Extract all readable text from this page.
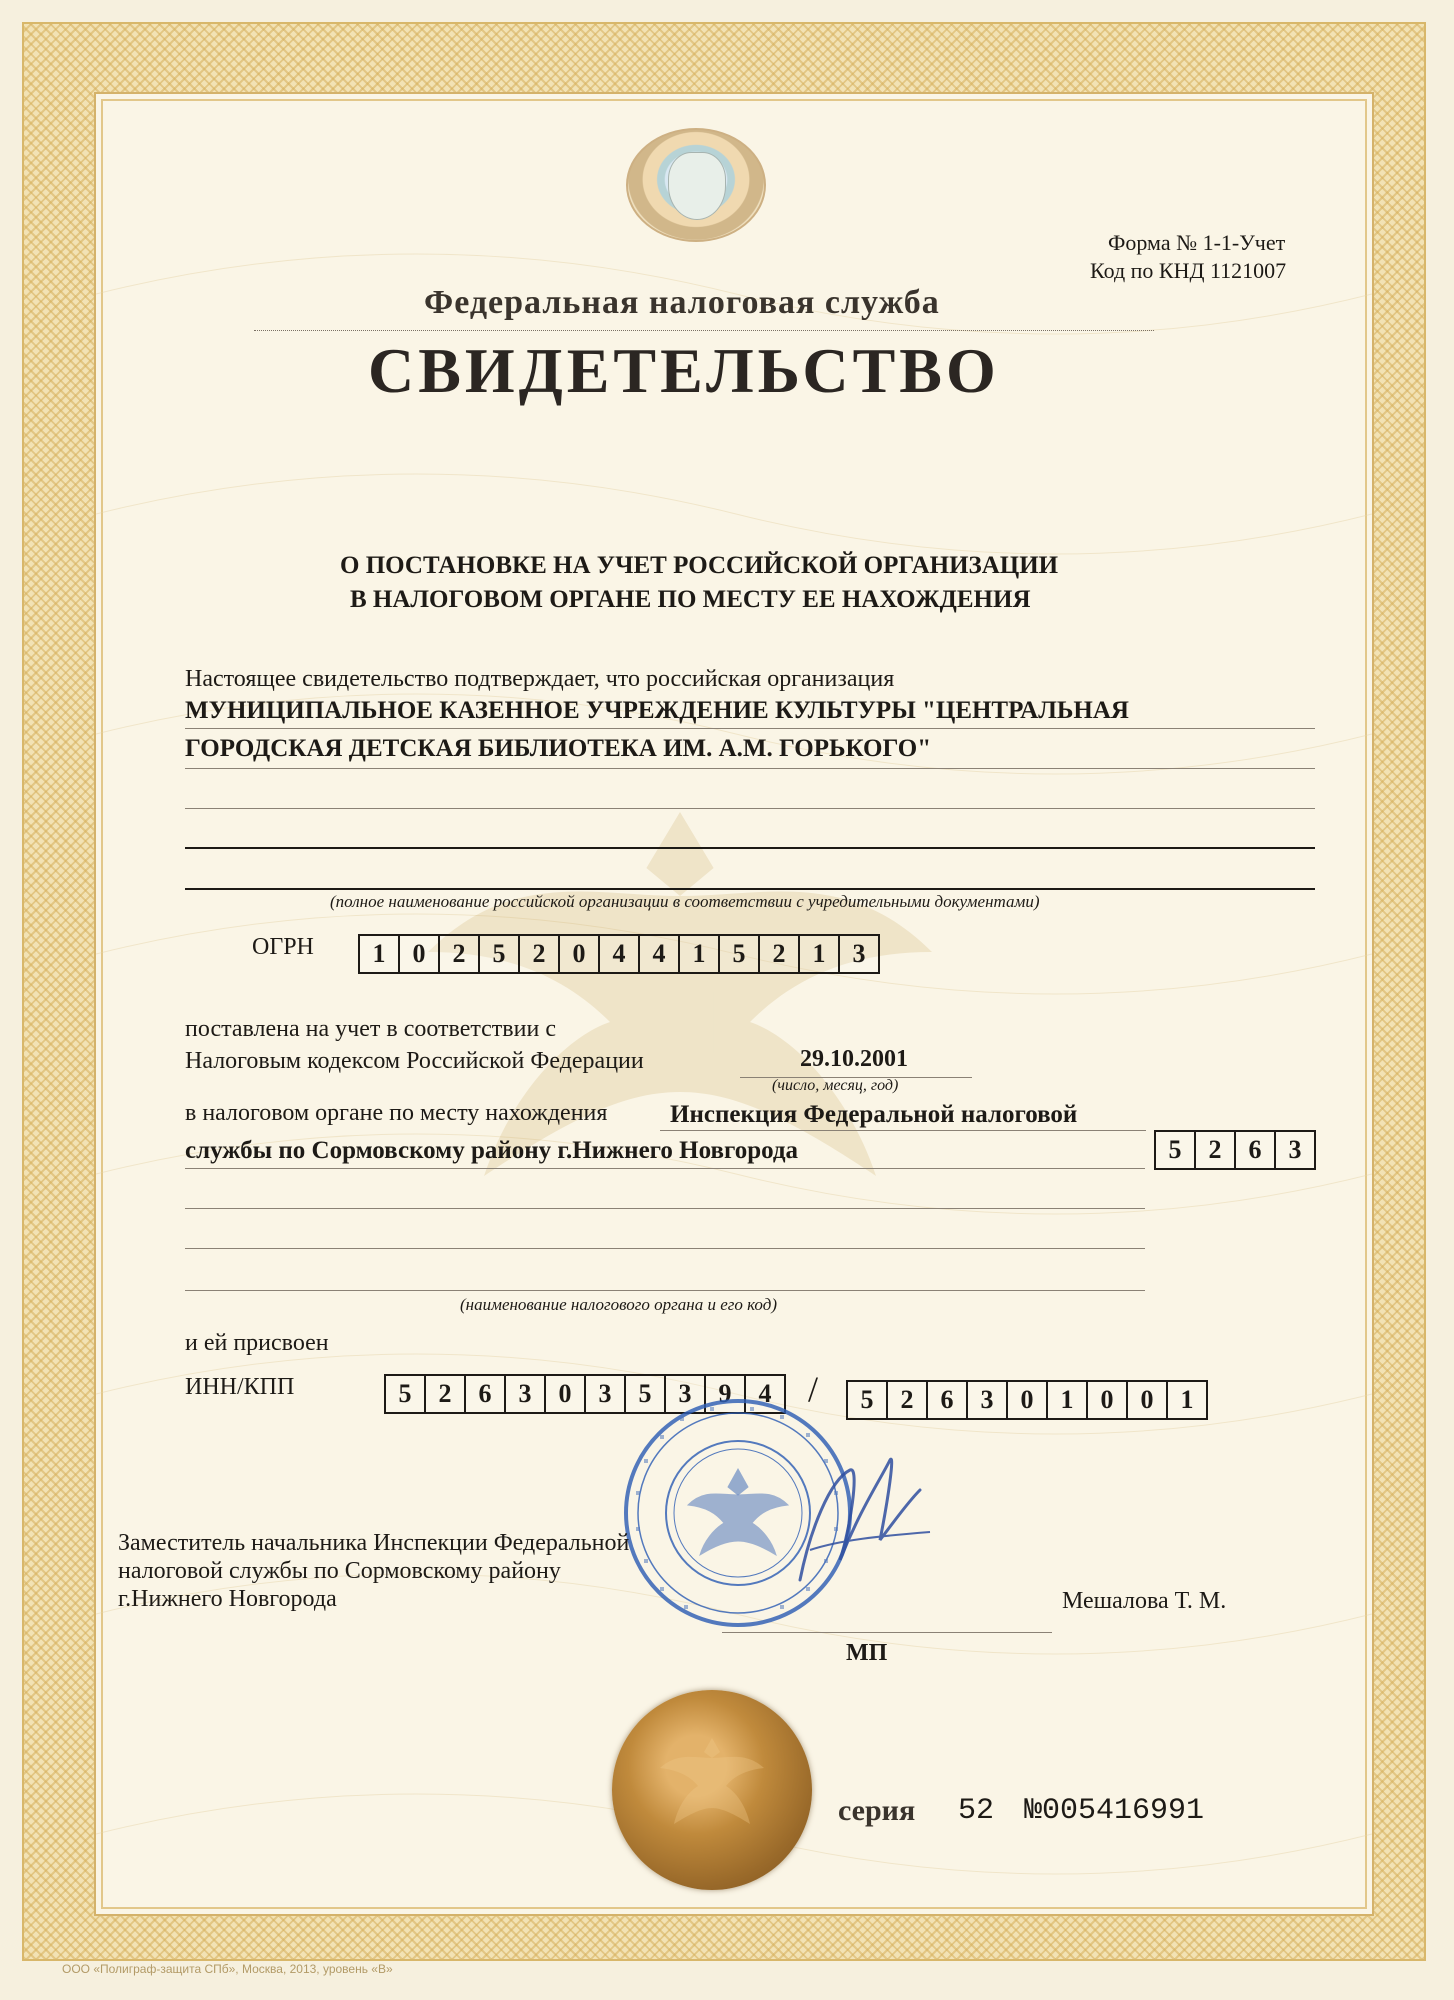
Форма № 1-1-Учет
Код по КНД 1121007
Федеральная налоговая служба
СВИДЕТЕЛЬСТВО
О ПОСТАНОВКЕ НА УЧЕТ РОССИЙСКОЙ ОРГАНИЗАЦИИ
В НАЛОГОВОМ ОРГАНЕ ПО МЕСТУ ЕЕ НАХОЖДЕНИЯ
Настоящее свидетельство подтверждает, что российская организация
МУНИЦИПАЛЬНОЕ КАЗЕННОЕ УЧРЕЖДЕНИЕ КУЛЬТУРЫ "ЦЕНТРАЛЬНАЯ
ГОРОДСКАЯ ДЕТСКАЯ БИБЛИОТЕКА ИМ. А.М. ГОРЬКОГО"
(полное наименование российской организации в соответствии с учредительными документами)
ОГРН	1	0	2	5	2	0	4	4	1	5	2	1	3
поставлена на учет в соответствии с
Налоговым кодексом Российской Федерации	29.10.2001
(число, месяц, год)
в налоговом органе по месту нахождения	Инспекция Федеральной налоговой
службы по Сормовскому району г.Нижнего Новгорода	5	2	6	3
(наименование налогового органа и его код)
и ей присвоен
ИНН/КПП	5	2	6	3	0	3	5	3	9	4	/	5	2	6	3	0	1	0	0	1
Заместитель начальника Инспекции Федеральной
налоговой службы по Сормовскому району
г.Нижнего Новгорода	Мешалова Т. М.
МП
серия 52 №005416991
ООО «Полиграф-защита СПб», Москва, 2013, уровень «В»
